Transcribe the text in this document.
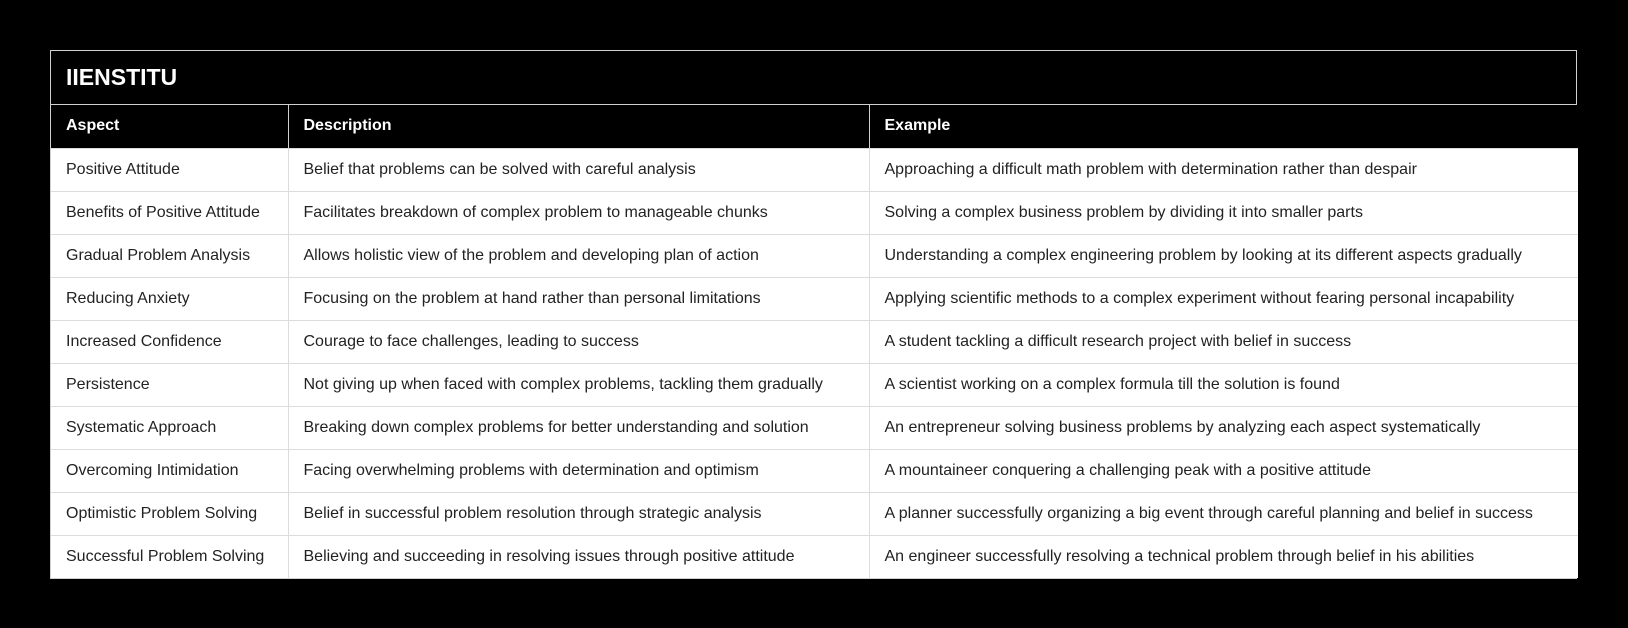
IIENSTITU
Aspect	Description	Example
Positive Attitude	Belief that problems can be solved with careful analysis	Approaching a difficult math problem with determination rather than despair
Benefits of Positive Attitude	Facilitates breakdown of complex problem to manageable chunks	Solving a complex business problem by dividing it into smaller parts
Gradual Problem Analysis	Allows holistic view of the problem and developing plan of action	Understanding a complex engineering problem by looking at its different aspects gradually
Reducing Anxiety	Focusing on the problem at hand rather than personal limitations	Applying scientific methods to a complex experiment without fearing personal incapability
Increased Confidence	Courage to face challenges, leading to success	A student tackling a difficult research project with belief in success
Persistence	Not giving up when faced with complex problems, tackling them gradually	A scientist working on a complex formula till the solution is found
Systematic Approach	Breaking down complex problems for better understanding and solution	An entrepreneur solving business problems by analyzing each aspect systematically
Overcoming Intimidation	Facing overwhelming problems with determination and optimism	A mountaineer conquering a challenging peak with a positive attitude
Optimistic Problem Solving	Belief in successful problem resolution through strategic analysis	A planner successfully organizing a big event through careful planning and belief in success
Successful Problem Solving	Believing and succeeding in resolving issues through positive attitude	An engineer successfully resolving a technical problem through belief in his abilities
